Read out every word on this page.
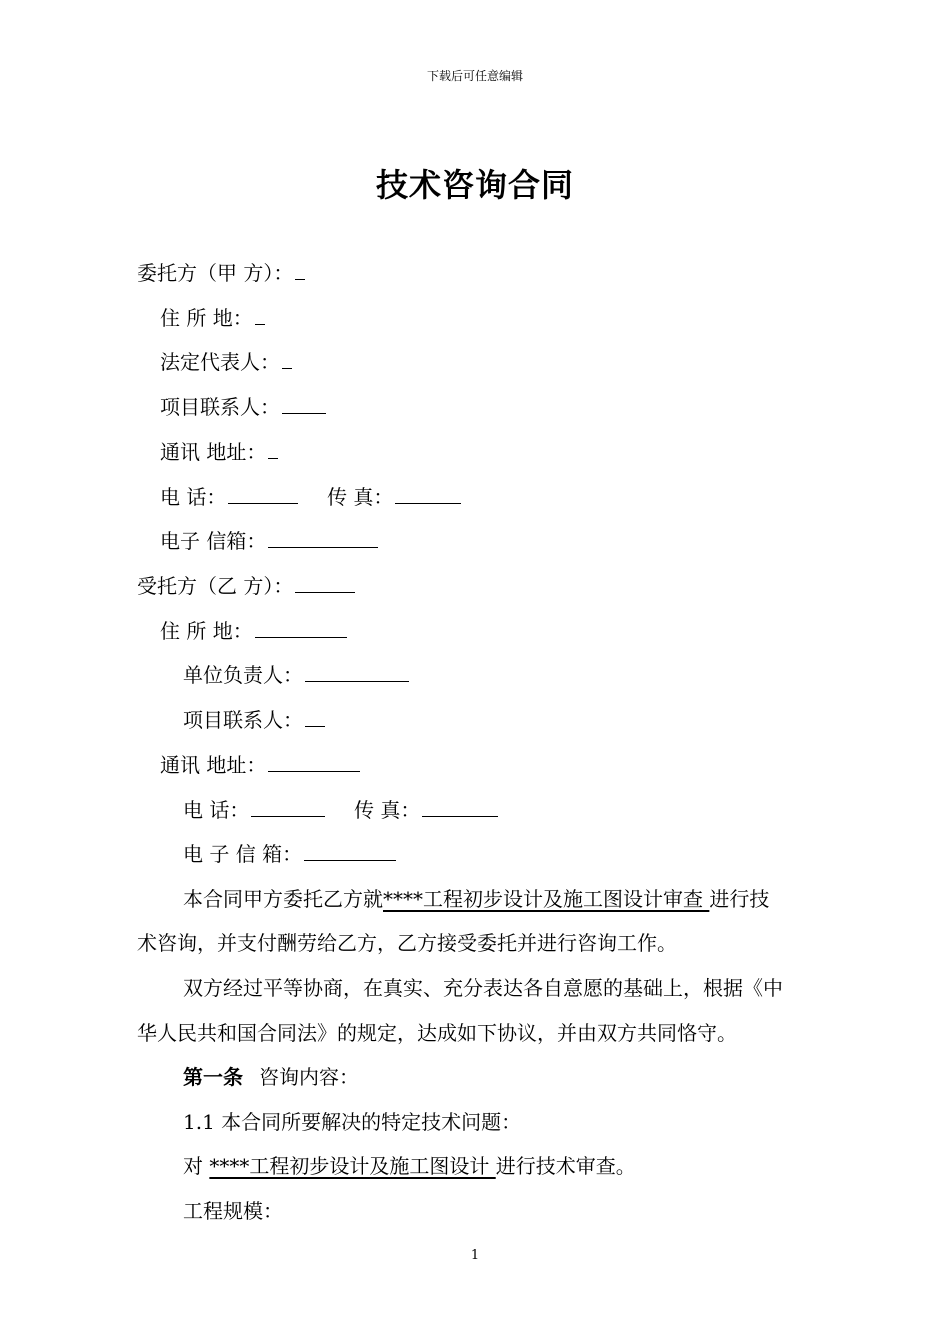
下载后可任意编辑
技术咨询合同
委托方（甲 方）：
住 所 地：
法定代表人：
项目联系人：
通讯 地址：
电 话：	传 真：
电子 信箱：
受托方（乙 方）：
住 所 地：
单位负责人：
项目联系人：
通讯 地址：
电 话：	传 真：
电 子 信 箱：
本合同甲方委托乙方就****工程初步设计及施工图设计审查 进行技
术咨询，并支付酬劳给乙方，乙方接受委托并进行咨询工作。
双方经过平等协商，在真实、充分表达各自意愿的基础上，根据《中
华人民共和国合同法》的规定，达成如下协议，并由双方共同恪守。
第一条 咨询内容：
1.1 本合同所要解决的特定技术问题：
对 ****工程初步设计及施工图设计 进行技术审查。
工程规模：
1
